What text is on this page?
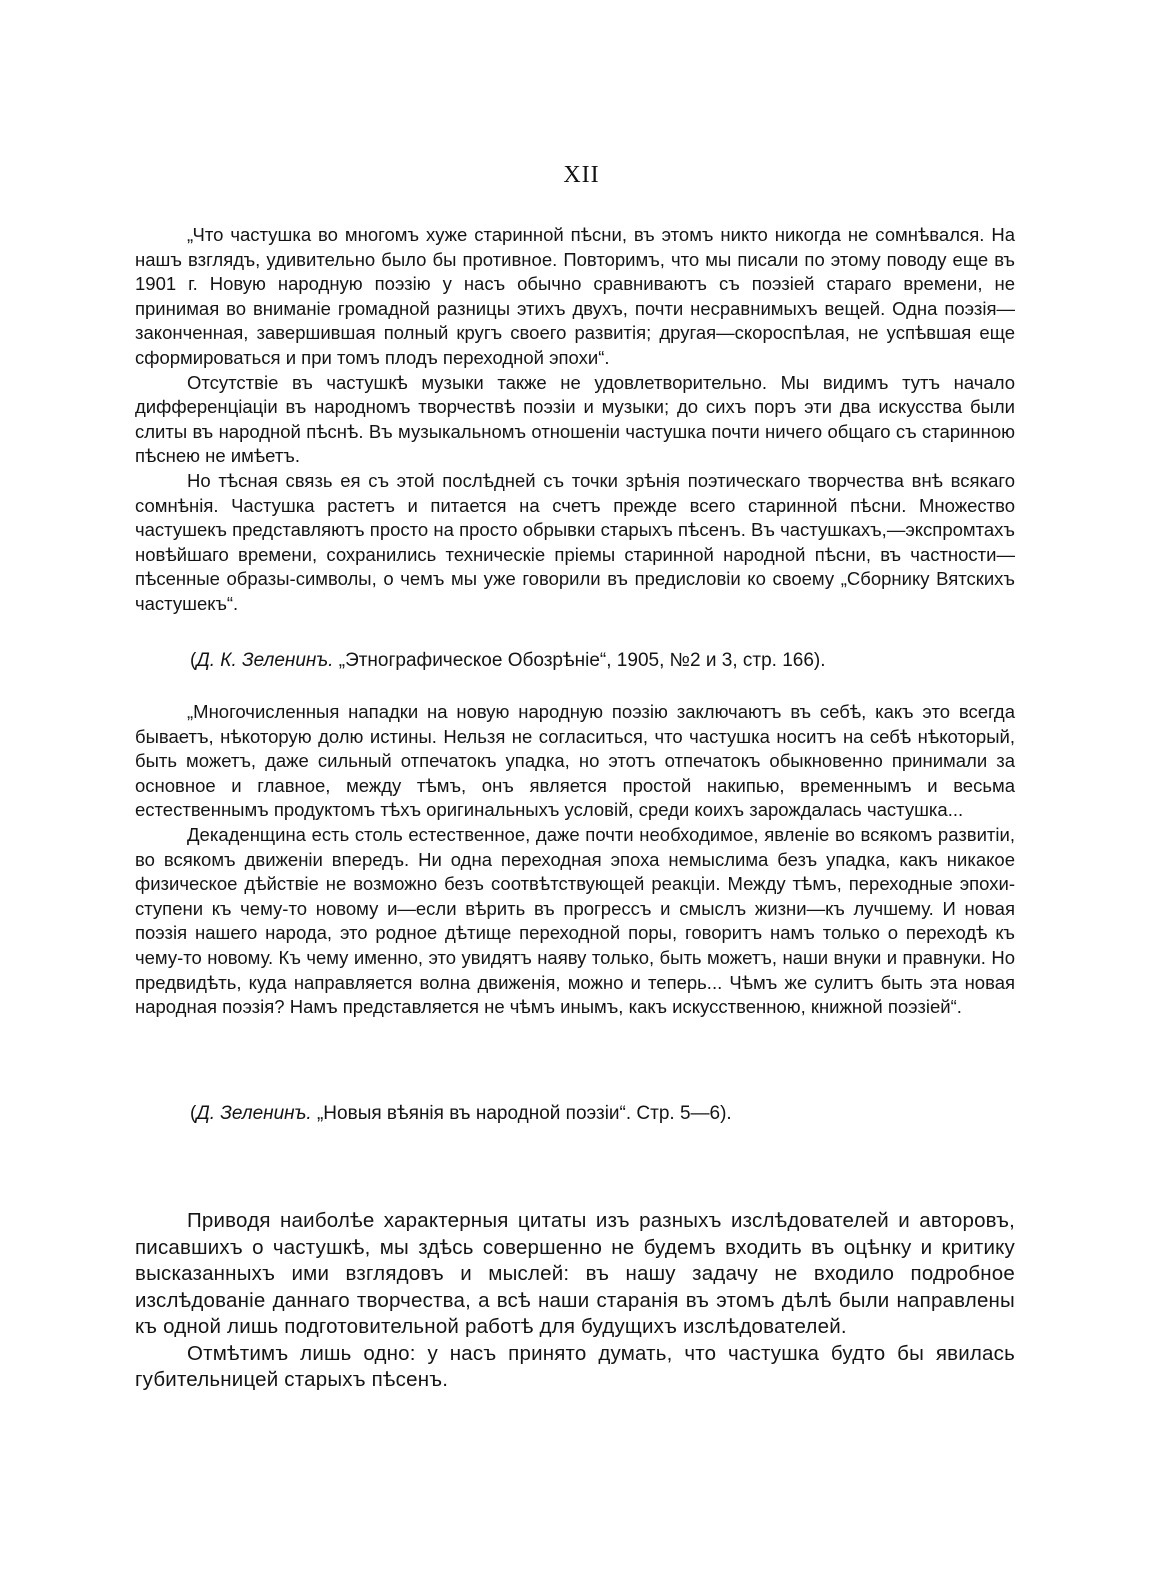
XII

„Что частушка во многомъ хуже старинной пѣсни, въ этомъ никто никогда не сомнѣвался. На нашъ взглядъ, удивительно было бы противное. Повторимъ, что мы писали по этому поводу еще въ 1901 г. Новую народную поэзію у насъ обычно сравниваютъ съ поэзіей стараго времени, не принимая во вниманіе громадной разницы этихъ двухъ, почти несравнимыхъ вещей. Одна поэзія—законченная, завершившая полный кругъ своего развитія; другая—скороспѣлая, не успѣвшая еще сформироваться и при томъ плодъ переходной эпохи“.

Отсутствіе въ частушкѣ музыки также не удовлетворительно. Мы видимъ тутъ начало дифференціаціи въ народномъ творчествѣ поэзіи и музыки; до сихъ поръ эти два искусства были слиты въ народной пѣснѣ. Въ музыкальномъ отношеніи частушка почти ничего общаго съ старинною пѣснею не имѣетъ.

Но тѣсная связь ея съ этой послѣдней съ точки зрѣнія поэтическаго творчества внѣ всякаго сомнѣнія. Частушка растетъ и питается на счетъ прежде всего старинной пѣсни. Множество частушекъ представляютъ просто на просто обрывки старыхъ пѣсенъ. Въ частушкахъ,—экспромтахъ новѣйшаго времени, сохранились техническіе пріемы старинной народной пѣсни, въ частности—пѣсенные образы-символы, о чемъ мы уже говорили въ предисловіи ко своему „Сборнику Вятскихъ частушекъ“.

(Д. К. Зеленинъ. „Этнографическое Обозрѣніе“, 1905, №2 и 3, стр. 166).

„Многочисленныя нападки на новую народную поэзію заключаютъ въ себѣ, какъ это всегда бываетъ, нѣкоторую долю истины. Нельзя не согласиться, что частушка носитъ на себѣ нѣкоторый, быть можетъ, даже сильный отпечатокъ упадка, но этотъ отпечатокъ обыкновенно принимали за основное и главное, между тѣмъ, онъ является простой накипью, временнымъ и весьма естественнымъ продуктомъ тѣхъ оригинальныхъ условій, среди коихъ зарождалась частушка...

Декаденщина есть столь естественное, даже почти необходимое, явленіе во всякомъ развитіи, во всякомъ движеніи впередъ. Ни одна переходная эпоха немыслима безъ упадка, какъ никакое физическое дѣйствіе не возможно безъ соотвѣтствующей реакціи. Между тѣмъ, переходные эпохи-ступени къ чему-то новому и—если вѣрить въ прогрессъ и смыслъ жизни—къ лучшему. И новая поэзія нашего народа, это родное дѣтище переходной поры, говоритъ намъ только о переходѣ къ чему-то новому. Къ чему именно, это увидятъ наяву только, быть можетъ, наши внуки и правнуки. Но предвидѣть, куда направляется волна движенія, можно и теперь... Чѣмъ же сулитъ быть эта новая народная поэзія? Намъ представляется не чѣмъ инымъ, какъ искусственною, книжной поэзіей“.

(Д. Зеленинъ. „Новыя вѣянія въ народной поэзіи“. Стр. 5—6).

Приводя наиболѣе характерныя цитаты изъ разныхъ изслѣдователей и авторовъ, писавшихъ о частушкѣ, мы здѣсь совершенно не будемъ входить въ оцѣнку и критику высказанныхъ ими взглядовъ и мыслей: въ нашу задачу не входило подробное изслѣдованіе даннаго творчества, а всѣ наши старанія въ этомъ дѣлѣ были направлены къ одной лишь подготовительной работѣ для будущихъ изслѣдователей.

Отмѣтимъ лишь одно: у насъ принято думать, что частушка будто бы явилась губительницей старыхъ пѣсенъ.
